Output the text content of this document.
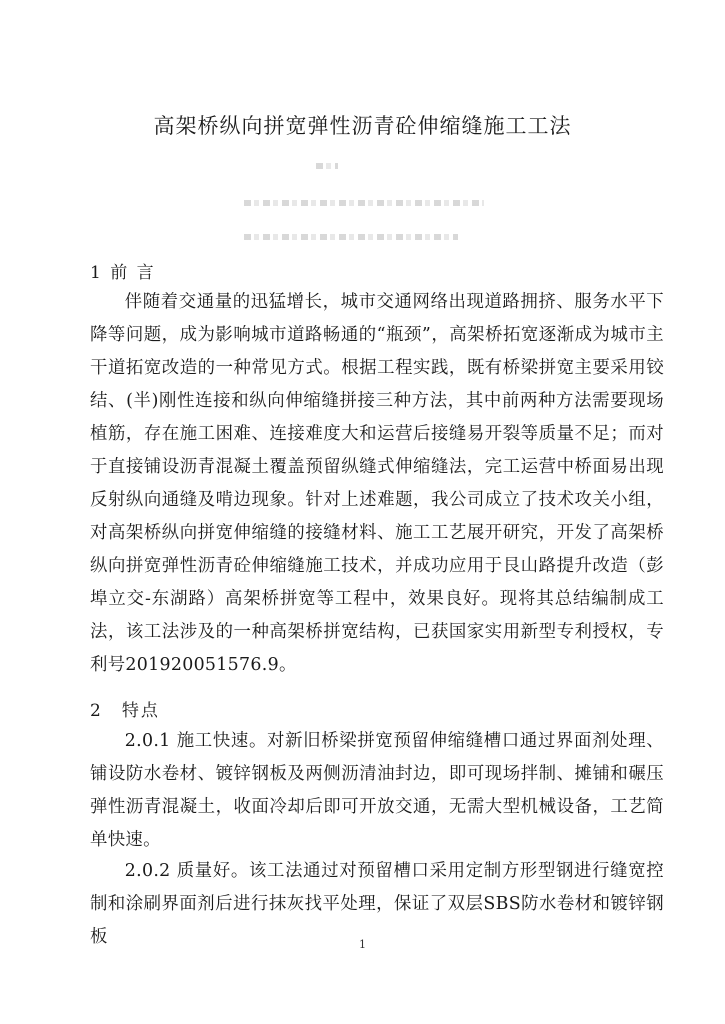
高架桥纵向拼宽弹性沥青砼伸缩缝施工工法
1 前 言

伴随着交通量的迅猛增长，城市交通网络出现道路拥挤、服务水平下降等问题，成为影响城市道路畅通的“瓶颈”，高架桥拓宽逐渐成为城市主干道拓宽改造的一种常见方式。根据工程实践，既有桥梁拼宽主要采用铰结、(半)刚性连接和纵向伸缩缝拼接三种方法，其中前两种方法需要现场植筋，存在施工困难、连接难度大和运营后接缝易开裂等质量不足；而对于直接铺设沥青混凝土覆盖预留纵缝式伸缩缝法，完工运营中桥面易出现反射纵向通缝及啃边现象。针对上述难题，我公司成立了技术攻关小组，对高架桥纵向拼宽伸缩缝的接缝材料、施工工艺展开研究，开发了高架桥纵向拼宽弹性沥青砼伸缩缝施工技术，并成功应用于艮山路提升改造（彭埠立交-东湖路）高架桥拼宽等工程中，效果良好。现将其总结编制成工法，该工法涉及的一种高架桥拼宽结构，已获国家实用新型专利授权，专利号201920051576.9。

2　特点

2.0.1 施工快速。对新旧桥梁拼宽预留伸缩缝槽口通过界面剂处理、铺设防水卷材、镀锌钢板及两侧沥清油封边，即可现场拌制、摊铺和碾压弹性沥青混凝土，收面冷却后即可开放交通，无需大型机械设备，工艺简单快速。

2.0.2 质量好。该工法通过对预留槽口采用定制方形型钢进行缝宽控制和涂刷界面剂后进行抹灰找平处理，保证了双层SBS防水卷材和镀锌钢板	1
